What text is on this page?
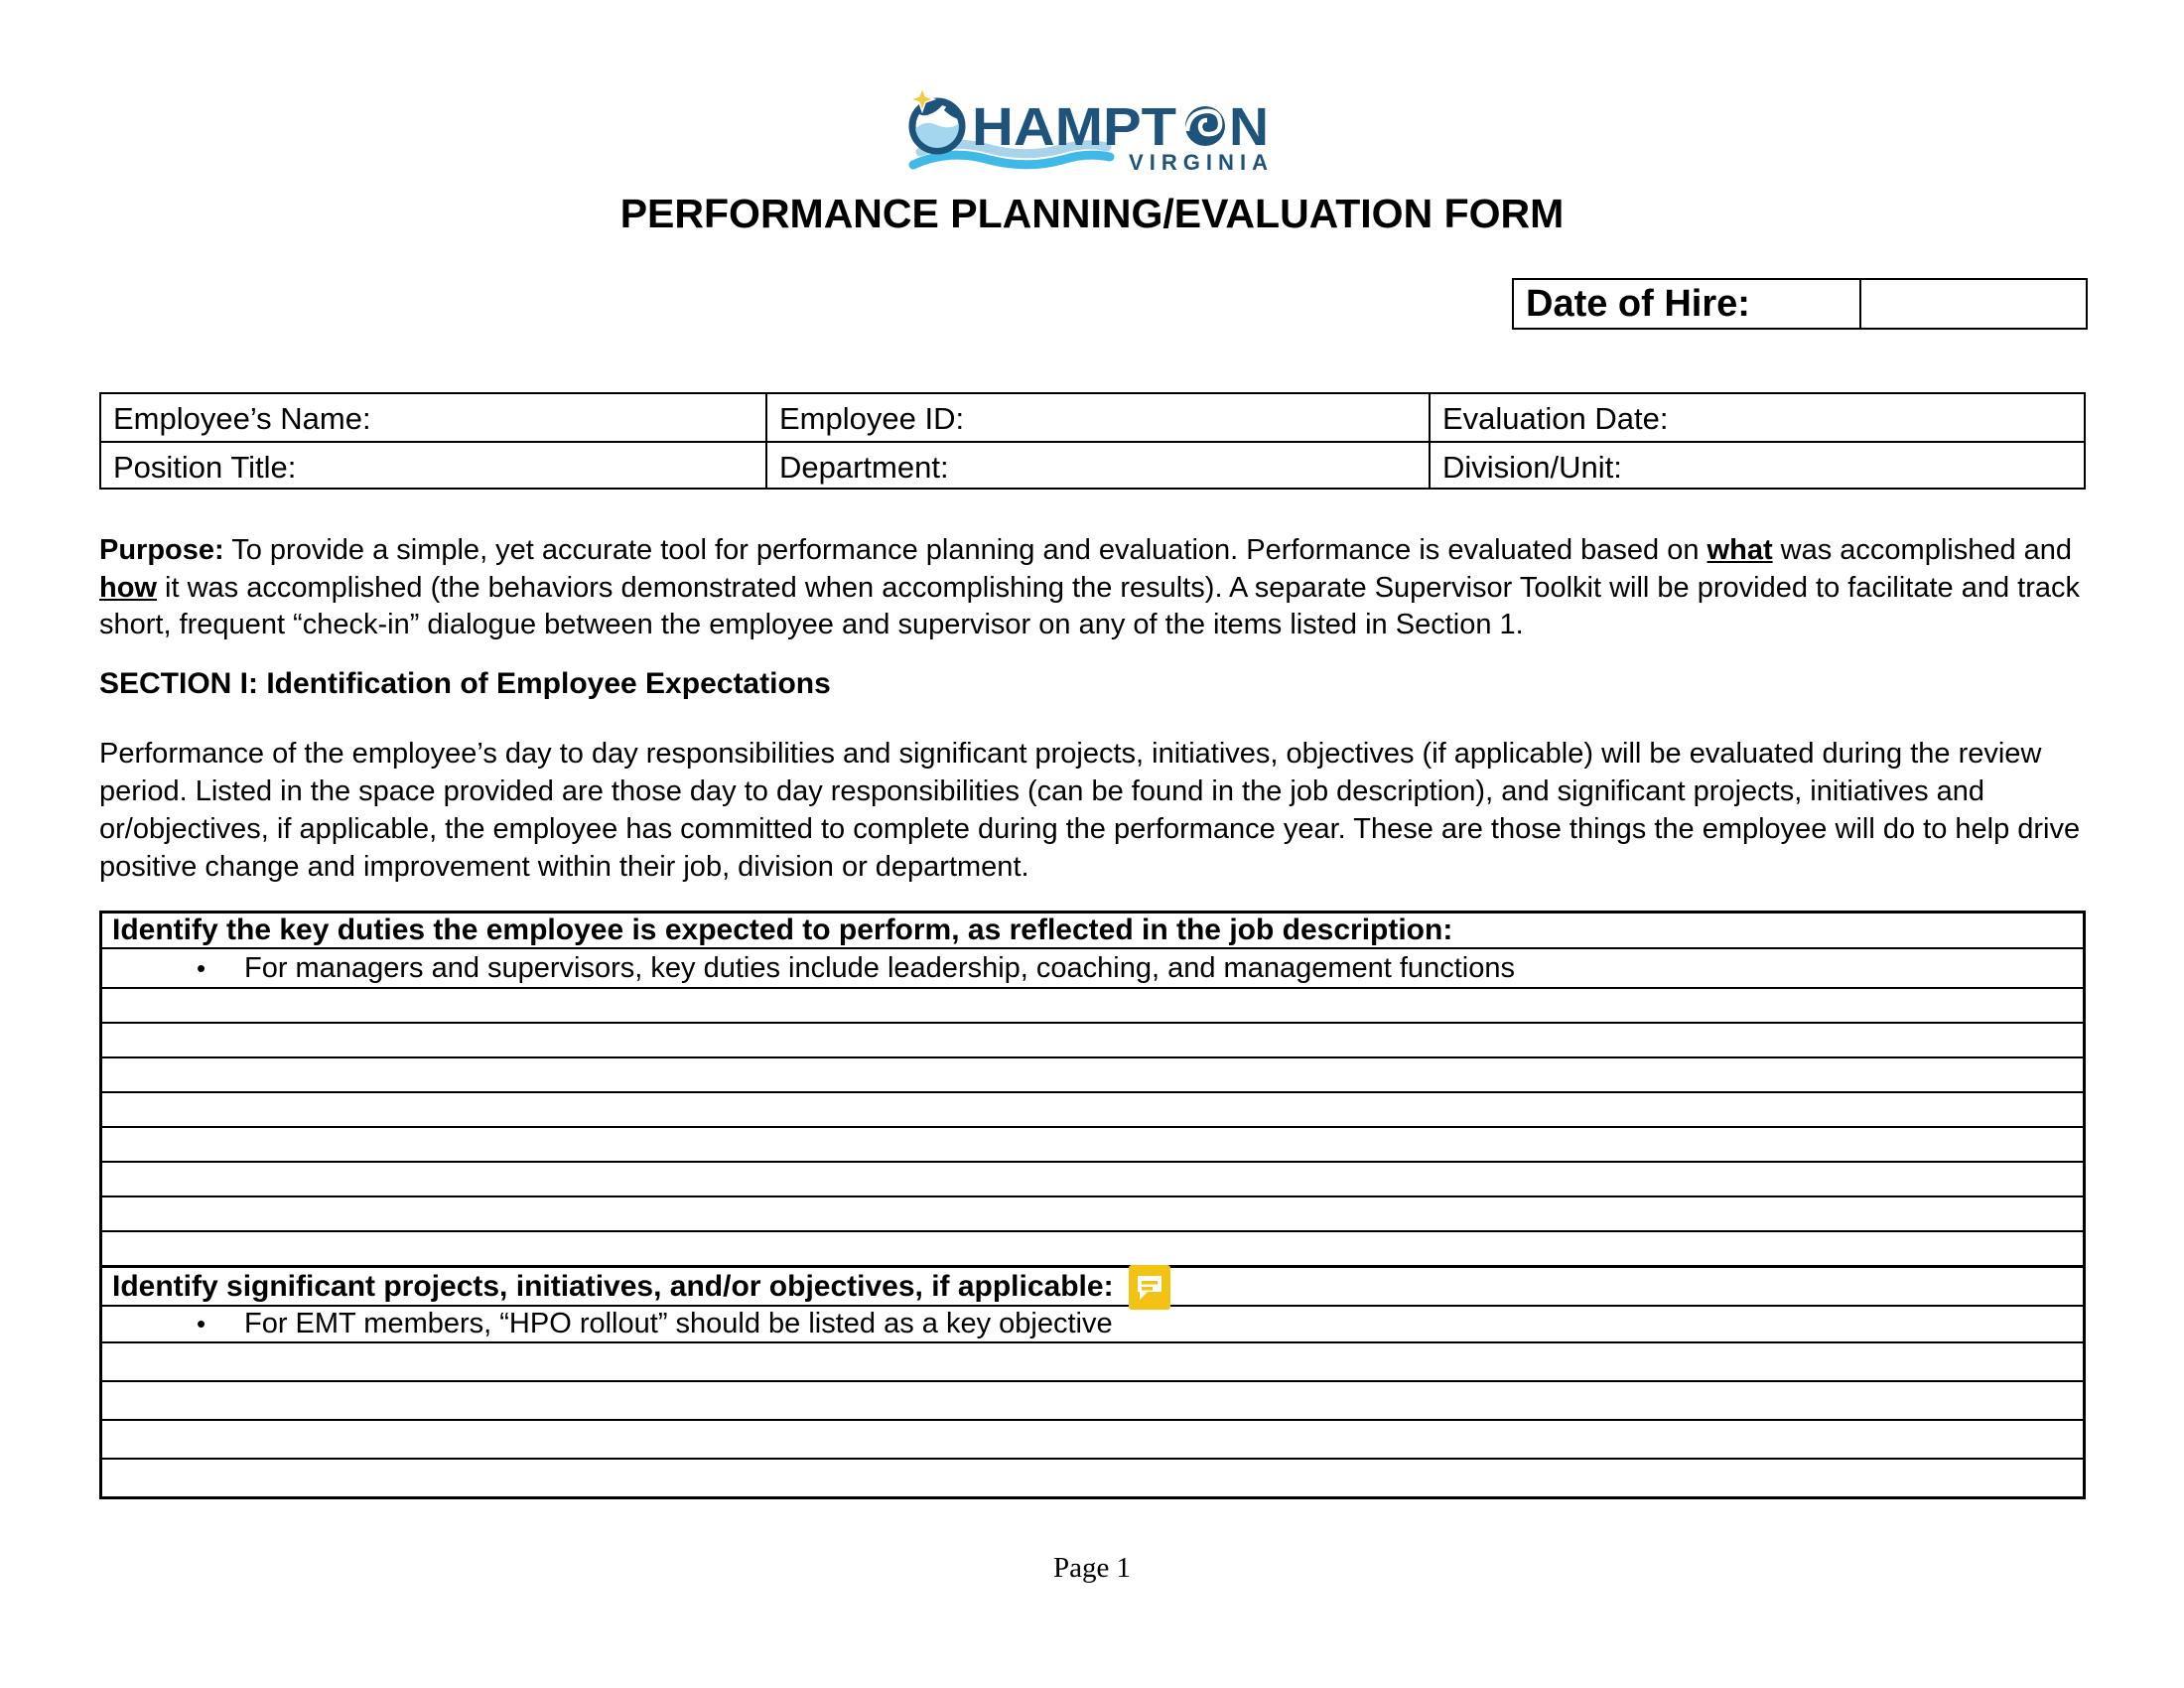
HAMPT N
VIRGINIA
PERFORMANCE PLANNING/EVALUATION FORM
Date of Hire:
Employee’s Name:	Employee ID:	Evaluation Date:
Position Title:	Department:	Division/Unit:
Purpose: To provide a simple, yet accurate tool for performance planning and evaluation. Performance is evaluated based on what was accomplished and how it was accomplished (the behaviors demonstrated when accomplishing the results). A separate Supervisor Toolkit will be provided to facilitate and track short, frequent “check-in” dialogue between the employee and supervisor on any of the items listed in Section 1.
SECTION I: Identification of Employee Expectations
Performance of the employee’s day to day responsibilities and significant projects, initiatives, objectives (if applicable) will be evaluated during the review period. Listed in the space provided are those day to day responsibilities (can be found in the job description), and significant projects, initiatives and or/objectives, if applicable, the employee has committed to complete during the performance year. These are those things the employee will do to help drive positive change and improvement within their job, division or department.
Identify the key duties the employee is expected to perform, as reflected in the job description:
•	For managers and supervisors, key duties include leadership, coaching, and management functions
Identify significant projects, initiatives, and/or objectives, if applicable:
•	For EMT members, “HPO rollout” should be listed as a key objective
Page 1
